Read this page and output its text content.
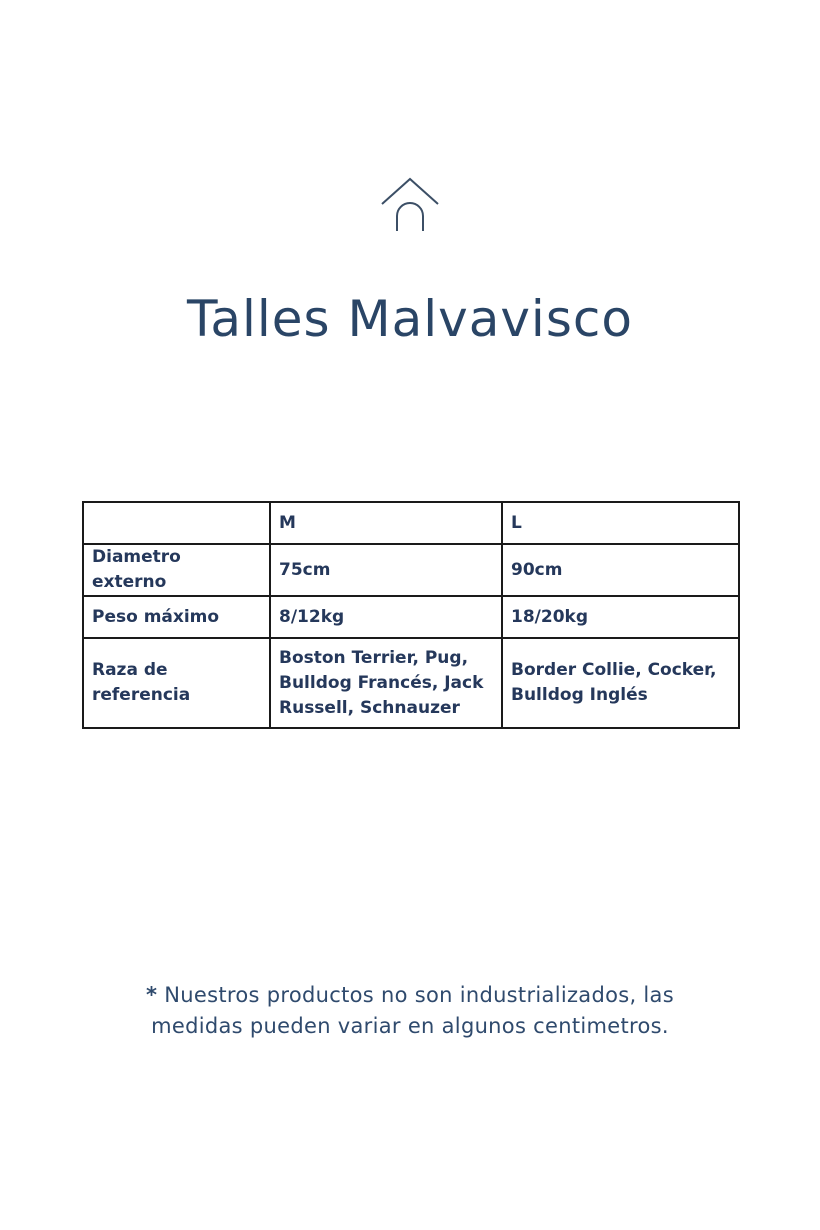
Talles Malvavisco
	M	L
Diametro externo	75cm	90cm
Peso máximo	8/12kg	18/20kg
Raza de referencia	Boston Terrier, Pug, Bulldog Francés, Jack Russell, Schnauzer	Border Collie, Cocker, Bulldog Inglés
* Nuestros productos no son industrializados, las medidas pueden variar en algunos centimetros.
